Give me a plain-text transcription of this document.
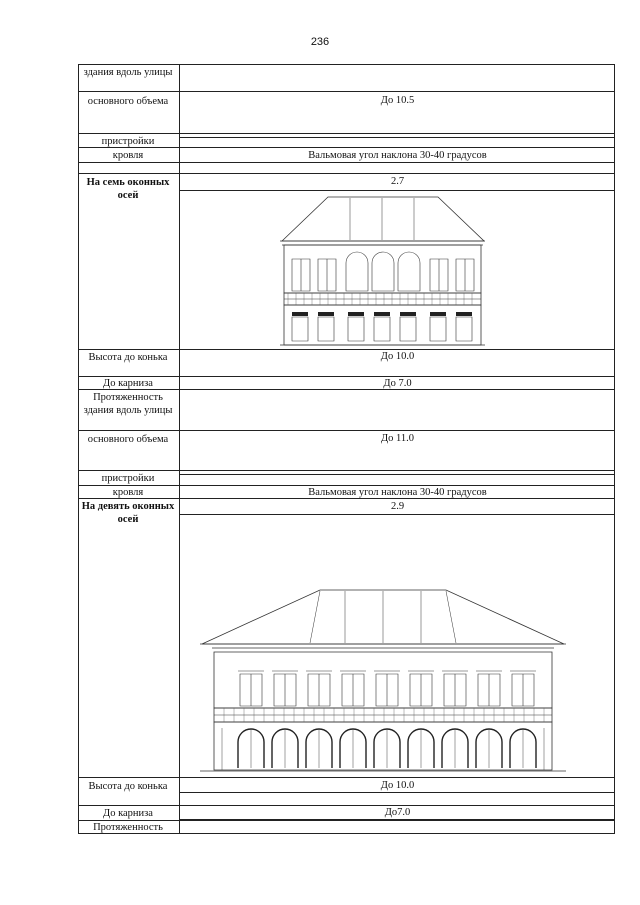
236
здания вдоль улицы
основного объема
пристройки
кровля
На семь оконных осей
Высота до конька
До карниза
Протяженность здания вдоль улицы
основного объема
пристройки
кровля
На девять оконных осей
Высота до конька
До карниза
Протяженность
До 10.5
Вальмовая угол наклона 30-40 градусов
2.7
До 10.0
До 7.0
До 11.0
Вальмовая угол наклона 30-40 градусов
2.9
До 10.0
До7.0
